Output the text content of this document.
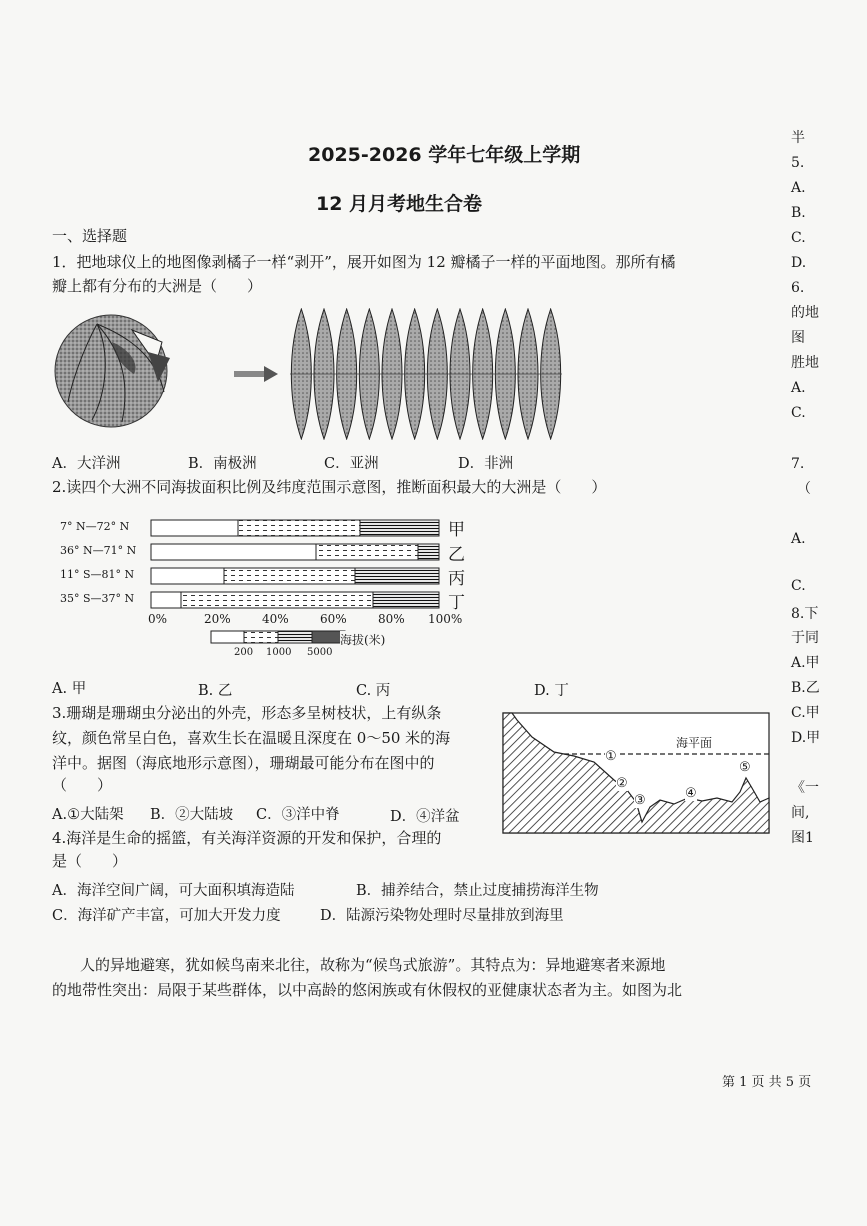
2025-2026 学年七年级上学期
12 月月考地生合卷
一、选择题
1．把地球仪上的地图像剥橘子一样“剥开”，展开如图为 12 瓣橘子一样的平面地图。那所有橘
瓣上都有分布的大洲是（　　）
A．大洋洲	B．南极洲	C．亚洲	D．非洲
2.读四个大洲不同海拔面积比例及纬度范围示意图，推断面积最大的大洲是（　　）
7° N—72° N
36° N—71° N
11° S—81° N
35° S—37° N
甲
乙
丙
丁
0%	20%	40%	60%	80% 100%
海拔(米)
200 1000 5000
A. 甲	B. 乙	C. 丙	D. 丁
3.珊瑚是珊瑚虫分泌出的外壳，形态多呈树枝状，上有纵条
纹，颜色常呈白色，喜欢生长在温暖且深度在 0～50 米的海
洋中。据图（海底地形示意图），珊瑚最可能分布在图中的
（　　）
A.①大陆架 B．②大陆坡 C．③洋中脊	D．④洋盆
海平面
①
②
③	④
⑤
4.海洋是生命的摇篮，有关海洋资源的开发和保护，合理的
是（　　）
A．海洋空间广阔，可大面积填海造陆	B．捕养结合，禁止过度捕捞海洋生物
C．海洋矿产丰富，可加大开发力度	D．陆源污染物处理时尽量排放到海里
人的异地避寒，犹如候鸟南来北往，故称为“候鸟式旅游”。其特点为：异地避寒者来源地
的地带性突出：局限于某些群体，以中高龄的悠闲族或有休假权的亚健康状态者为主。如图为北
第 1 页 共 5 页
半
5.
A.
B.
C.
D.
6.
的地
图
胜地
A.
C.
7.
（
A.
C.
8.下
于同
A.甲
B.乙
C.甲
D.甲
《一
间,
图1
